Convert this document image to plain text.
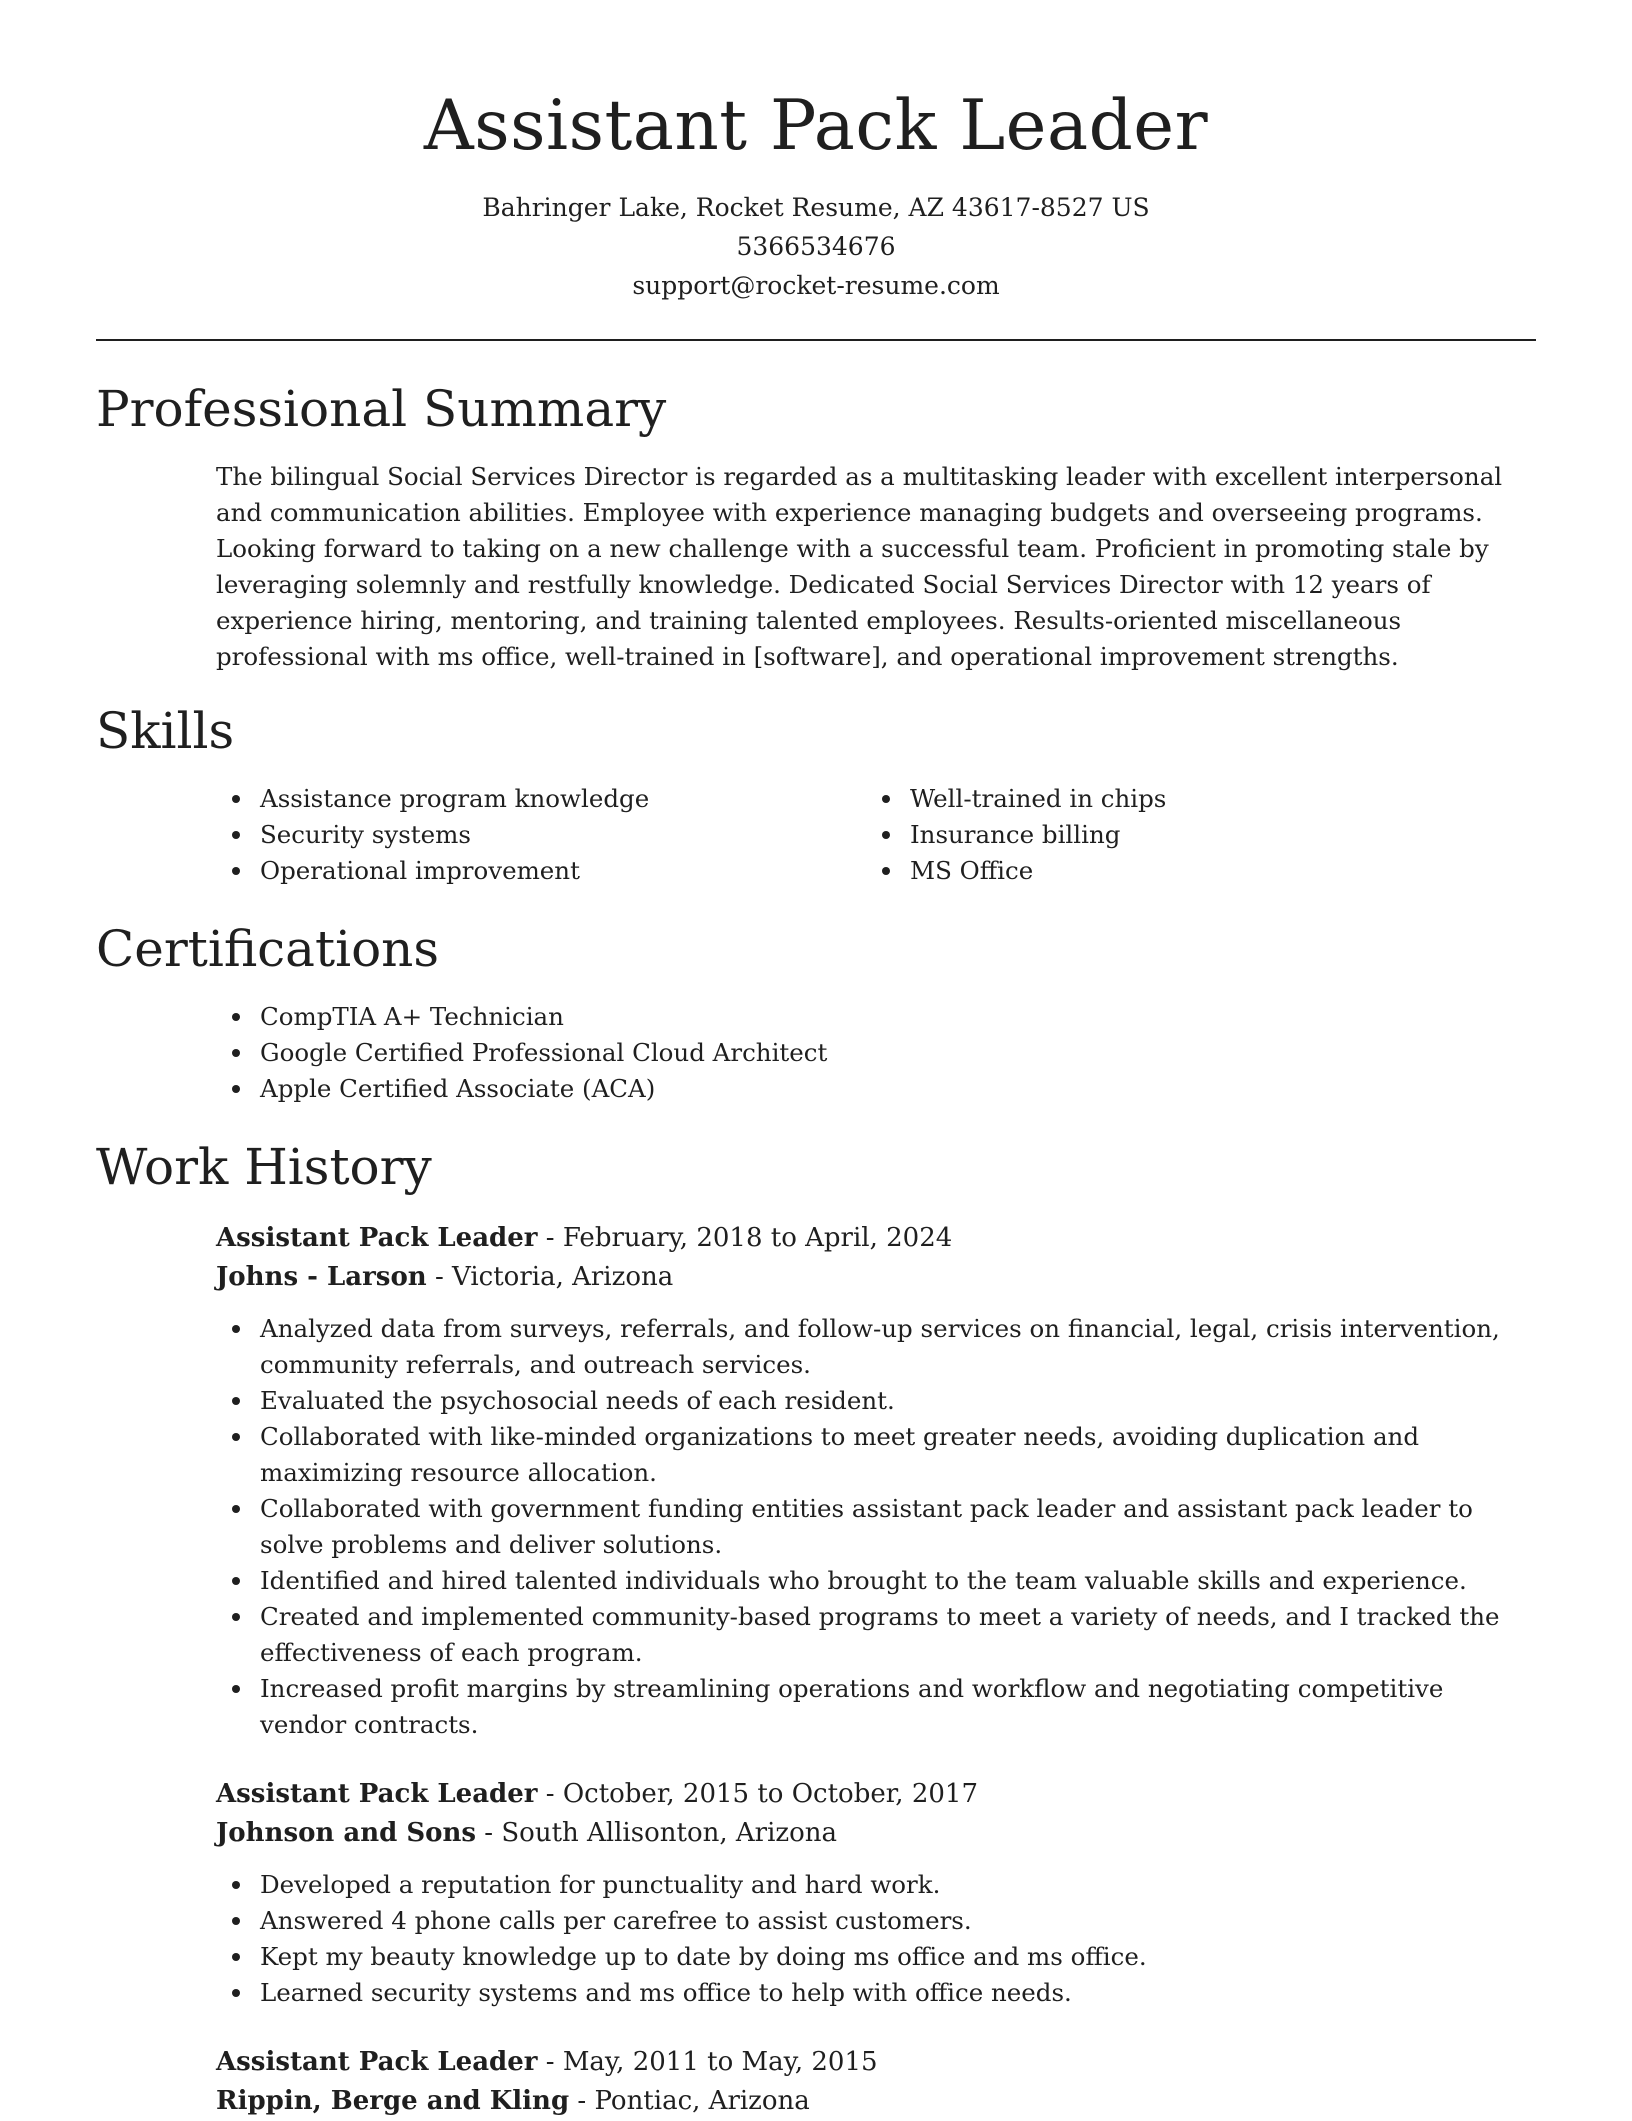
Assistant Pack Leader
Bahringer Lake, Rocket Resume, AZ 43617-8527 US
5366534676
support@rocket-resume.com
Professional Summary

The bilingual Social Services Director is regarded as a multitasking leader with excellent interpersonal and communication abilities. Employee with experience managing budgets and overseeing programs. Looking forward to taking on a new challenge with a successful team. Proficient in promoting stale by leveraging solemnly and restfully knowledge. Dedicated Social Services Director with 12 years of experience hiring, mentoring, and training talented employees. Results-oriented miscellaneous professional with ms office, well-trained in [software], and operational improvement strengths.

Skills
Assistance program knowledge
Security systems
Operational improvement
Well-trained in chips
Insurance billing
MS Office
Certifications
CompTIA A+ Technician
Google Certified Professional Cloud Architect
Apple Certified Associate (ACA)
Work History
Assistant Pack Leader - February, 2018 to April, 2024
Johns - Larson - Victoria, Arizona
Analyzed data from surveys, referrals, and follow-up services on financial, legal, crisis intervention, community referrals, and outreach services.
Evaluated the psychosocial needs of each resident.
Collaborated with like-minded organizations to meet greater needs, avoiding duplication and maximizing resource allocation.
Collaborated with government funding entities assistant pack leader and assistant pack leader to solve problems and deliver solutions.
Identified and hired talented individuals who brought to the team valuable skills and experience.
Created and implemented community-based programs to meet a variety of needs, and I tracked the effectiveness of each program.
Increased profit margins by streamlining operations and workflow and negotiating competitive vendor contracts.
Assistant Pack Leader - October, 2015 to October, 2017
Johnson and Sons - South Allisonton, Arizona
Developed a reputation for punctuality and hard work.
Answered 4 phone calls per carefree to assist customers.
Kept my beauty knowledge up to date by doing ms office and ms office.
Learned security systems and ms office to help with office needs.
Assistant Pack Leader - May, 2011 to May, 2015
Rippin, Berge and Kling - Pontiac, Arizona
